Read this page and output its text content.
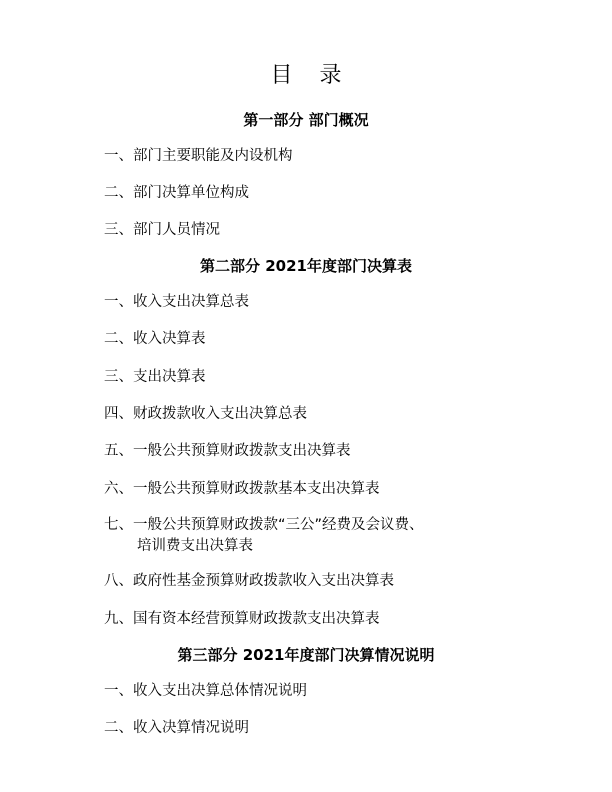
目 录
第一部分 部门概况
一、部门主要职能及内设机构
二、部门决算单位构成
三、部门人员情况
第二部分 2021年度部门决算表
一、收入支出决算总表
二、收入决算表
三、支出决算表
四、财政拨款收入支出决算总表
五、一般公共预算财政拨款支出决算表
六、一般公共预算财政拨款基本支出决算表
七、一般公共预算财政拨款“三公”经费及会议费、
培训费支出决算表
八、政府性基金预算财政拨款收入支出决算表
九、国有资本经营预算财政拨款支出决算表
第三部分 2021年度部门决算情况说明
一、收入支出决算总体情况说明
二、收入决算情况说明
